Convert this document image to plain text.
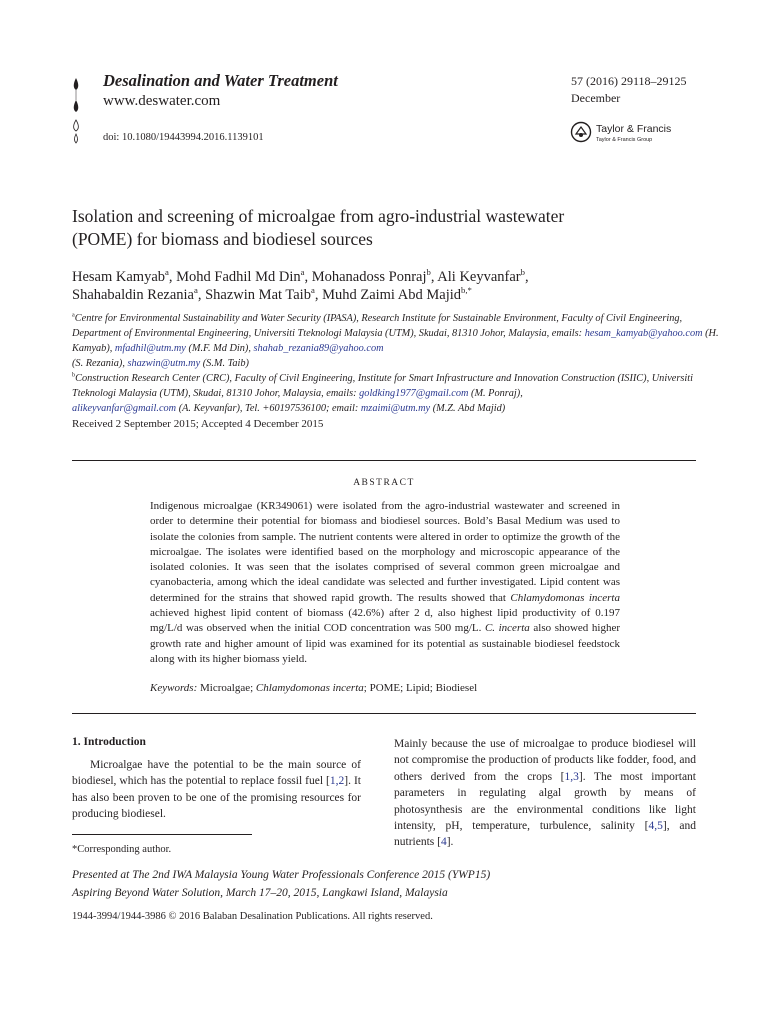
Desalination and Water Treatment
www.deswater.com
doi: 10.1080/19443994.2016.1139101
57 (2016) 29118–29125
December
Taylor & Francis
Taylor & Francis Group
Isolation and screening of microalgae from agro-industrial wastewater
(POME) for biomass and biodiesel sources
Hesam Kamyab$^a$, Mohd Fadhil Md Din$^a$, Mohanadoss Ponraj$^b$, Ali Keyvanfar$^b$,
Shahabaldin Rezania$^a$, Shazwin Mat Taib$^a$, Muhd Zaimi Abd Majid$^{b,*}$
$^a$Centre for Environmental Sustainability and Water Security (IPASA), Research Institute for Sustainable Environment, Faculty of Civil Engineering, Department of Environmental Engineering, Universiti Tteknologi Malaysia (UTM), Skudai, 81310 Johor, Malaysia, emails: hesam_kamyab@yahoo.com (H. Kamyab), mfadhil@utm.my (M.F. Md Din), shahab_rezania89@yahoo.com
(S. Rezania), shazwin@utm.my (S.M. Taib)
$^b$Construction Research Center (CRC), Faculty of Civil Engineering, Institute for Smart Infrastructure and Innovation Construction (ISIIC), Universiti Tteknologi Malaysia (UTM), Skudai, 81310 Johor, Malaysia, emails: goldking1977@gmail.com (M. Ponraj),
alikeyvanfar@gmail.com (A. Keyvanfar), Tel. +60197536100; email: mzaimi@utm.my (M.Z. Abd Majid)
Received 2 September 2015; Accepted 4 December 2015
ABSTRACT
Indigenous microalgae (KR349061) were isolated from the agro-industrial wastewater and screened in order to determine their potential for biomass and biodiesel sources. Bold’s Basal Medium was used to isolate the colonies from sample. The nutrient contents were altered in order to optimize the growth of the microalgae. The isolates were identified based on the morphology and microscopic appearance of the isolated colonies. It was seen that the isolates comprised of several common green microalgae and cyanobacteria, among which the ideal candidate was selected and further investigated. Lipid content was determined for the strains that showed rapid growth. The results showed that Chlamydomonas incerta achieved highest lipid content of biomass (42.6%) after 2 d, also highest lipid productivity of 0.197 mg/L/d was observed when the initial COD concentration was 500 mg/L. C. incerta also showed higher growth rate and higher amount of lipid was examined for its potential as sustainable biodiesel feedstock along with its higher biomass yield.
Keywords: Microalgae; Chlamydomonas incerta; POME; Lipid; Biodiesel
1. Introduction
Microalgae have the potential to be the main source of biodiesel, which has the potential to replace fossil fuel [1,2]. It has also been proven to be one of the promising resources for producing biodiesel.
Mainly because the use of microalgae to produce biodiesel will not compromise the production of products like fodder, food, and others derived from the crops [1,3]. The most important parameters in regulating algal growth by means of photosynthesis are the environmental conditions like light intensity, pH, temperature, turbulence, salinity [4,5], and nutrients [4].
*Corresponding author.
Presented at The 2nd IWA Malaysia Young Water Professionals Conference 2015 (YWP15)
Aspiring Beyond Water Solution, March 17–20, 2015, Langkawi Island, Malaysia
1944-3994/1944-3986 © 2016 Balaban Desalination Publications. All rights reserved.
